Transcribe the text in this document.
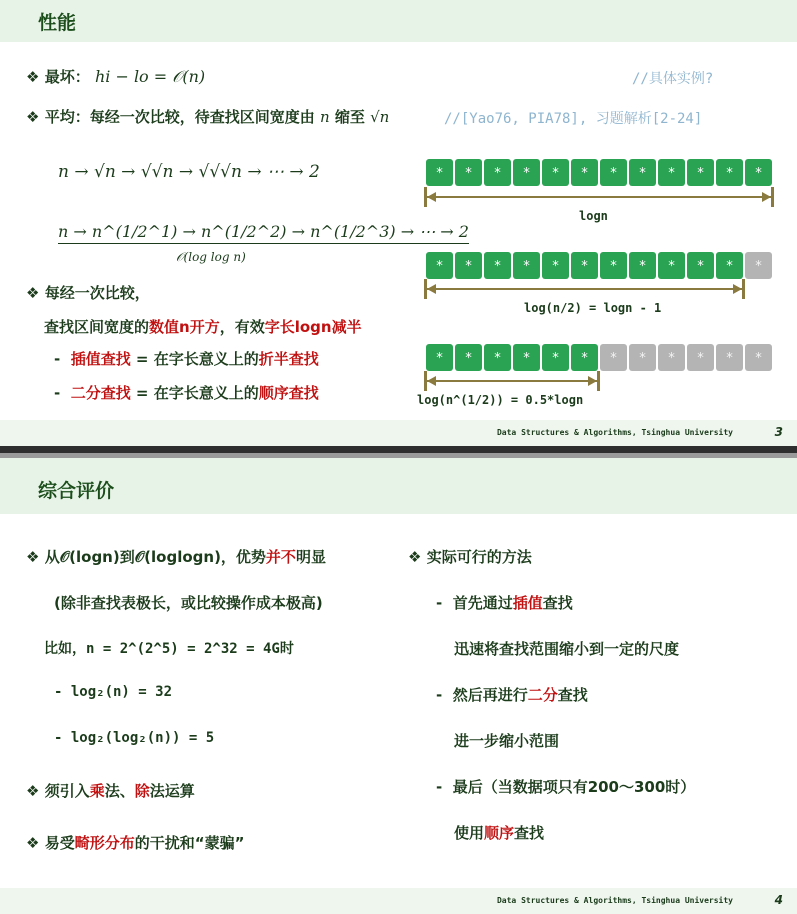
性能
❖ 最坏： hi − lo = 𝒪(n)	//具体实例?
❖ 平均：每经一次比较，待查找区间宽度由 n 缩至 √n	//[Yao76, PIA78], 习题解析[2-24]
n → √n → √√n → √√√n → ⋯ → 2
n → n^(1/2^1) → n^(1/2^2) → n^(1/2^3) → ⋯ → 2
𝒪(log log n)
❖ 每经一次比较，
查找区间宽度的数值n开方，有效字长logn减半
- 插值查找 = 在字长意义上的折半查找
- 二分查找 = 在字长意义上的顺序查找
*	*	*	*	*	*	*	*	*	*	*	*
logn
*	*	*	*	*	*	*	*	*	*	*	*
log(n/2) = logn - 1
*	*	*	*	*	*	*	*	*	*	*	*
log(n^(1/2)) = 0.5*logn
Data Structures & Algorithms, Tsinghua University	3
综合评价
❖ 从𝒪(logn)到𝒪(loglogn)，优势并不明显
(除非查找表极长，或比较操作成本极高)
比如，n = 2^(2^5) = 2^32 = 4G时
- log₂(n) = 32
- log₂(log₂(n)) = 5
❖ 须引入乘法、除法运算
❖ 易受畸形分布的干扰和“蒙骗”
❖ 实际可行的方法
- 首先通过插值查找
迅速将查找范围缩小到一定的尺度
- 然后再进行二分查找
进一步缩小范围
- 最后（当数据项只有200～300时）
使用顺序查找
Data Structures & Algorithms, Tsinghua University	4
